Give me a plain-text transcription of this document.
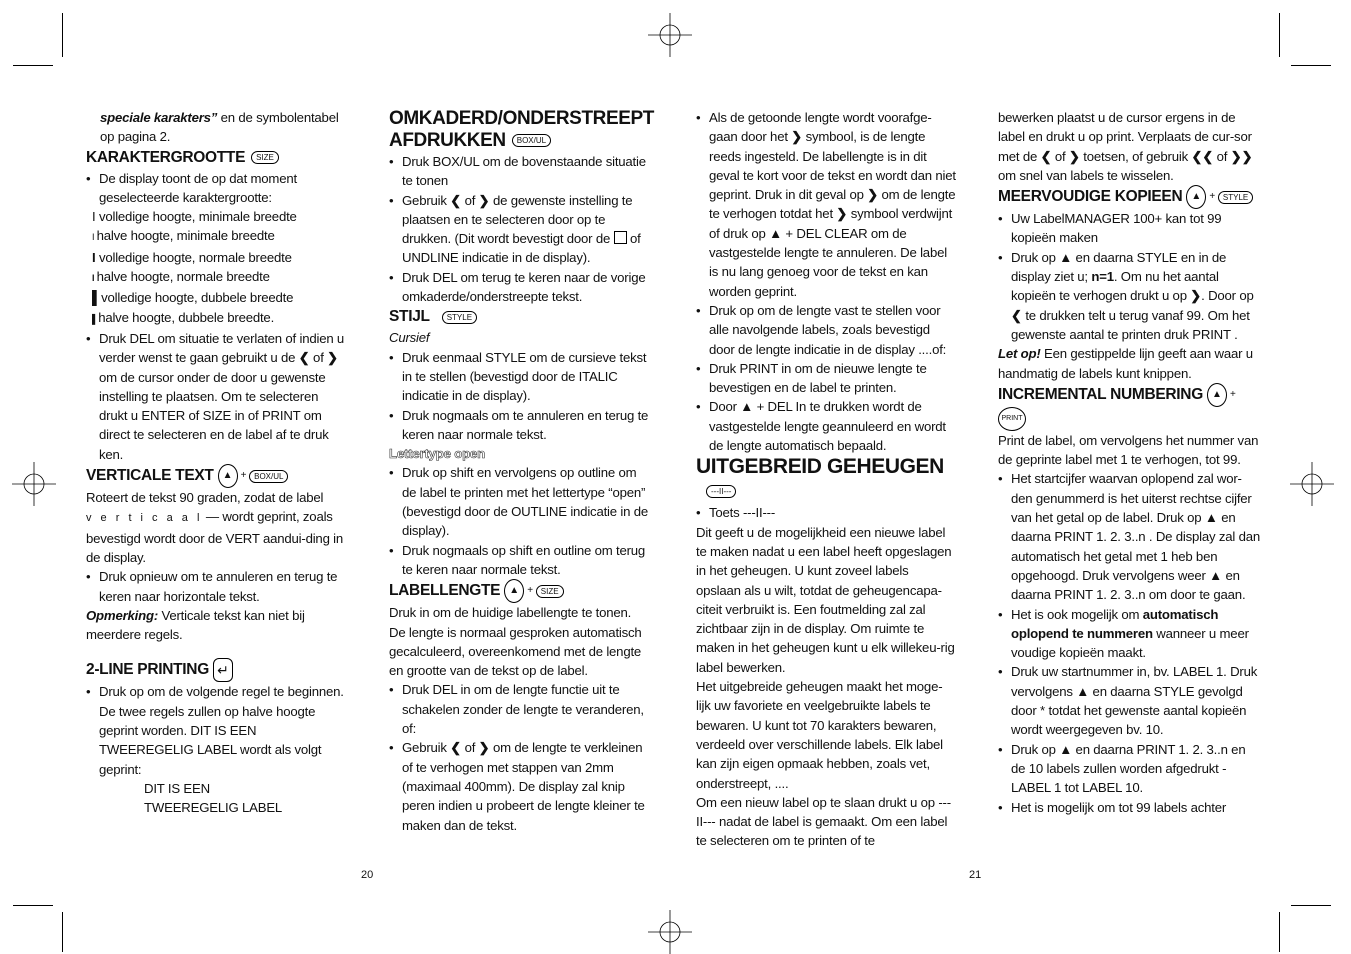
speciale karakters” en de symbolentabel op pagina 2.

KARAKTERGROOTTE SIZE

• De display toont de op dat moment geselecteerde karaktergrootte:

I volledige hoogte, minimale breedte

I halve hoogte, minimale breedte

I volledige hoogte, normale breedte

I halve hoogte, normale breedte

▌volledige hoogte, dubbele breedte

▌halve hoogte, dubbele breedte.

• Druk DEL om situatie te verlaten of indien u verder wenst te gaan gebruikt u de ❮ of ❯ om de cursor onder de door u gewenste instelling te plaatsen. Om te selecteren drukt u ENTER of SIZE in of PRINT om direct te selecteren en de label af te druk ken.

VERTICALE TEXT ▲ + BOX/UL

Roteert de tekst 90 graden, zodat de label

v e r t i c a a l — wordt geprint, zoals bevestigd wordt door de VERT aandui-ding in de display.

• Druk opnieuw om te annuleren en terug te keren naar horizontale tekst.

Opmerking: Verticale tekst kan niet bij meerdere regels.

2-LINE PRINTING ↵

• Druk op om de volgende regel te beginnen. De twee regels zullen op halve hoogte geprint worden. DIT IS EEN TWEEREGELIG LABEL wordt als volgt geprint:

DIT IS EEN

TWEEREGELIG LABEL

OMKADERD/ONDERSTREEPT

AFDRUKKEN BOX/UL

• Druk BOX/UL om de bovenstaande situatie te tonen
• Gebruik ❮ of ❯ de gewenste instelling te plaatsen en te selecteren door op te drukken. (Dit wordt bevestigt door de  of UNDLINE indicatie in de display).
• Druk DEL om terug te keren naar de vorige omkaderde/onderstreepte tekst.

STIJL STYLE

Cursief

• Druk eenmaal STYLE om de cursieve tekst in te stellen (bevestigd door de ITALIC indicatie in de display).
• Druk nogmaals om te annuleren en terug te keren naar normale tekst.

Lettertype open

• Druk op shift en vervolgens op outline om de label te printen met het lettertype “open” (bevestigd door de OUTLINE indicatie in de display).
• Druk nogmaals op shift en outline om terug te keren naar normale tekst.

LABELLENGTE ▲ + SIZE

Druk in om de huidige labellengte te tonen. De lengte is normaal gesproken automatisch gecalculeerd, overeenkomend met de lengte en grootte van de tekst op de label.

• Druk DEL in om de lengte functie uit te schakelen zonder de lengte te veranderen, of:
• Gebruik ❮ of ❯ om de lengte te verkleinen of te verhogen met stappen van 2mm (maximaal 400mm). De display zal knip peren indien u probeert de lengte kleiner te maken dan de tekst.
• Als de getoonde lengte wordt voorafge-gaan door het ❯ symbool, is de lengte reeds ingesteld. De labellengte is in dit geval te kort voor de tekst en wordt dan niet geprint. Druk in dit geval op ❯ om de lengte te verhogen totdat het ❯ symbool verdwijnt of druk op ▲ + DEL CLEAR om de vastgestelde lengte te annuleren. De label is nu lang genoeg voor de tekst en kan worden geprint.
• Druk op om de lengte vast te stellen voor alle navolgende labels, zoals bevestigd door de lengte indicatie in de display ....of:
• Druk PRINT in om de nieuwe lengte te bevestigen en de label te printen.
• Door ▲ + DEL In te drukken wordt de vastgestelde lengte geannuleerd en wordt de lengte automatisch bepaald.

UITGEBREID GEHEUGEN---II---

• Toets ---II---

Dit geeft u de mogelijkheid een nieuwe label te maken nadat u een label heeft opgeslagen in het geheugen. U kunt zoveel labels opslaan als u wilt, totdat de geheugencapa-citeit verbruikt is. Een foutmelding zal zal zichtbaar zijn in de display. Om ruimte te maken in het geheugen kunt u elk willekeu-rig label bewerken.

Het uitgebreide geheugen maakt het moge-lijk uw favoriete en veelgebruikte labels te bewaren. U kunt tot 70 karakters bewaren, verdeeld over verschillende labels. Elk label kan zijn eigen opmaak hebben, zoals vet, onderstreept, ....

Om een nieuw label op te slaan drukt u op ---II--- nadat de label is gemaakt. Om een label te selecteren om te printen of te

bewerken plaatst u de cursor ergens in de label en drukt u op print. Verplaats de cur-sor met de ❮ of ❯ toetsen, of gebruik ❮❮ of ❯❯ om snel van labels te wisselen.

MEERVOUDIGE KOPIEEN ▲ + STYLE

• Uw LabelMANAGER 100+ kan tot 99 kopieën maken
• Druk op ▲ en daarna STYLE en in de display ziet u; n=1. Om nu het aantal kopieën te verhogen drukt u op ❯. Door op ❮ te drukken telt u terug vanaf 99. Om het gewenste aantal te printen druk PRINT .

Let op! Een gestippelde lijn geeft aan waar u handmatig de labels kunt knippen.

INCREMENTAL NUMBERING ▲ +PRINT

Print de label, om vervolgens het nummer van de geprinte label met 1 te verhogen, tot 99.

• Het startcijfer waarvan oplopend zal wor-den genummerd is het uiterst rechtse cijfer van het getal op de label. Druk op ▲ en daarna PRINT 1. 2. 3..n . De display zal dan automatisch het getal met 1 heb ben opgehoogd. Druk vervolgens weer ▲ en daarna PRINT 1. 2. 3..n om door te gaan.
• Het is ook mogelijk om automatisch oplopend te nummeren wanneer u meer voudige kopieën maakt.
• Druk uw startnummer in, bv. LABEL 1. Druk vervolgens ▲ en daarna STYLE gevolgd door * totdat het gewenste aantal kopieën wordt weergegeven bv. 10.
• Druk op ▲ en daarna PRINT 1. 2. 3..n en de 10 labels zullen worden afgedrukt - LABEL 1 tot LABEL 10.
• Het is mogelijk om tot 99 labels achter
20	21
